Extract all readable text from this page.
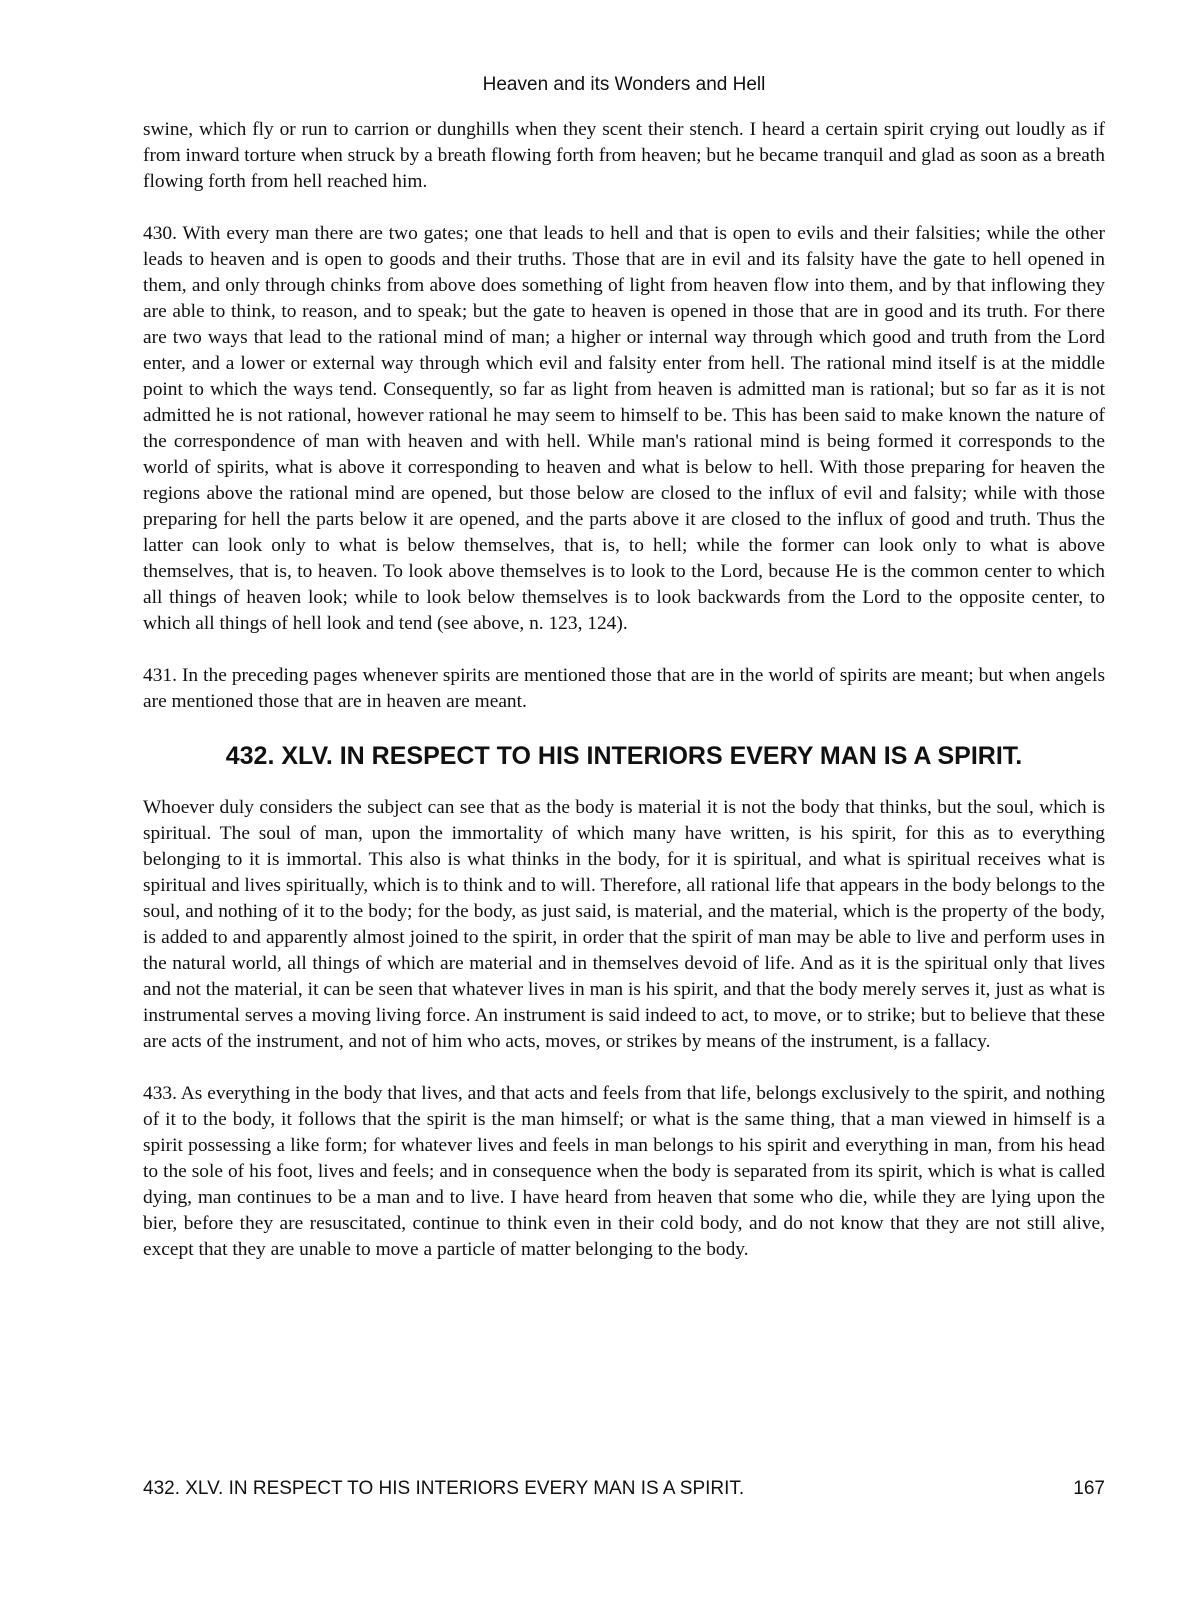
Heaven and its Wonders and Hell

swine, which fly or run to carrion or dunghills when they scent their stench. I heard a certain spirit crying out loudly as if from inward torture when struck by a breath flowing forth from heaven; but he became tranquil and glad as soon as a breath flowing forth from hell reached him.

430. With every man there are two gates; one that leads to hell and that is open to evils and their falsities; while the other leads to heaven and is open to goods and their truths. Those that are in evil and its falsity have the gate to hell opened in them, and only through chinks from above does something of light from heaven flow into them, and by that inflowing they are able to think, to reason, and to speak; but the gate to heaven is opened in those that are in good and its truth. For there are two ways that lead to the rational mind of man; a higher or internal way through which good and truth from the Lord enter, and a lower or external way through which evil and falsity enter from hell. The rational mind itself is at the middle point to which the ways tend. Consequently, so far as light from heaven is admitted man is rational; but so far as it is not admitted he is not rational, however rational he may seem to himself to be. This has been said to make known the nature of the correspondence of man with heaven and with hell. While man's rational mind is being formed it corresponds to the world of spirits, what is above it corresponding to heaven and what is below to hell. With those preparing for heaven the regions above the rational mind are opened, but those below are closed to the influx of evil and falsity; while with those preparing for hell the parts below it are opened, and the parts above it are closed to the influx of good and truth. Thus the latter can look only to what is below themselves, that is, to hell; while the former can look only to what is above themselves, that is, to heaven. To look above themselves is to look to the Lord, because He is the common center to which all things of heaven look; while to look below themselves is to look backwards from the Lord to the opposite center, to which all things of hell look and tend (see above, n. 123, 124).

431. In the preceding pages whenever spirits are mentioned those that are in the world of spirits are meant; but when angels are mentioned those that are in heaven are meant.

432. XLV. IN RESPECT TO HIS INTERIORS EVERY MAN IS A SPIRIT.

Whoever duly considers the subject can see that as the body is material it is not the body that thinks, but the soul, which is spiritual. The soul of man, upon the immortality of which many have written, is his spirit, for this as to everything belonging to it is immortal. This also is what thinks in the body, for it is spiritual, and what is spiritual receives what is spiritual and lives spiritually, which is to think and to will. Therefore, all rational life that appears in the body belongs to the soul, and nothing of it to the body; for the body, as just said, is material, and the material, which is the property of the body, is added to and apparently almost joined to the spirit, in order that the spirit of man may be able to live and perform uses in the natural world, all things of which are material and in themselves devoid of life. And as it is the spiritual only that lives and not the material, it can be seen that whatever lives in man is his spirit, and that the body merely serves it, just as what is instrumental serves a moving living force. An instrument is said indeed to act, to move, or to strike; but to believe that these are acts of the instrument, and not of him who acts, moves, or strikes by means of the instrument, is a fallacy.

433. As everything in the body that lives, and that acts and feels from that life, belongs exclusively to the spirit, and nothing of it to the body, it follows that the spirit is the man himself; or what is the same thing, that a man viewed in himself is a spirit possessing a like form; for whatever lives and feels in man belongs to his spirit and everything in man, from his head to the sole of his foot, lives and feels; and in consequence when the body is separated from its spirit, which is what is called dying, man continues to be a man and to live. I have heard from heaven that some who die, while they are lying upon the bier, before they are resuscitated, continue to think even in their cold body, and do not know that they are not still alive, except that they are unable to move a particle of matter belonging to the body.

432. XLV. IN RESPECT TO HIS INTERIORS EVERY MAN IS A SPIRIT.	167
